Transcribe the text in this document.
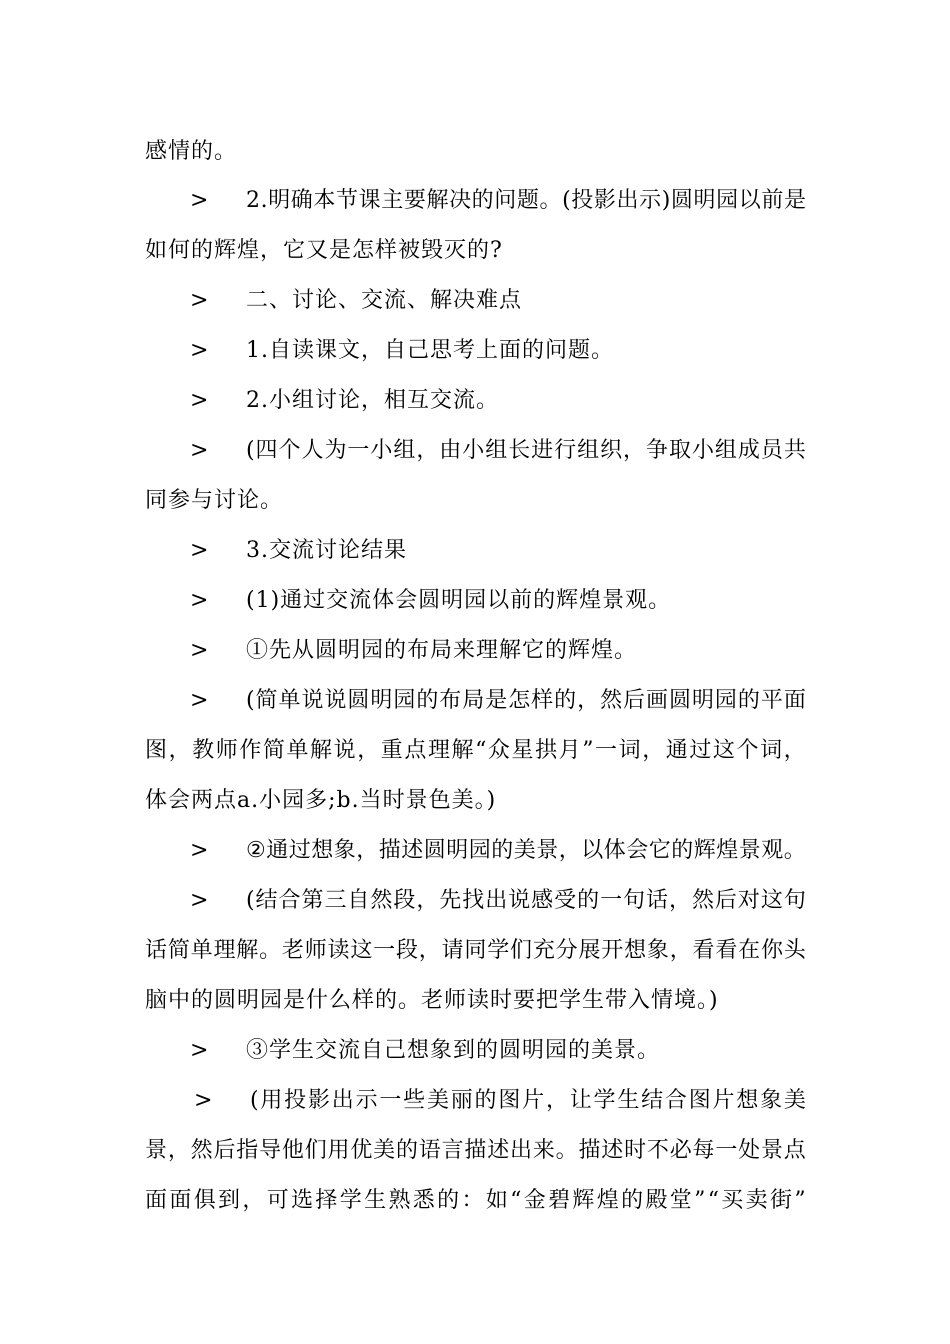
感情的。
> 2 . 明 确 本 节 课 主 要 解 决 的 问 题 。 ( 投 影 出 示 ) 圆 明 园 以 前 是
如何的辉煌，它又是怎样被毁灭的?
> 二、讨论、交流、解决难点
> 1.自读课文，自己思考上面的问题。
> 2.小组讨论，相互交流。
> ( 四 个 人 为 一 小 组 ， 由 小 组 长 进 行 组 织 ， 争 取 小 组 成 员 共
同参与讨论。
> 3.交流讨论结果
> (1)通过交流体会圆明园以前的辉煌景观。
> ①先从圆明园的布局来理解它的辉煌。
> ( 简 单 说 说 圆 明 园 的 布 局 是 怎 样 的 ， 然 后 画 圆 明 园 的 平 面
图 ， 教 师 作 简 单 解 说 ， 重 点 理 解 “ 众 星 拱 月 ” 一 词 ， 通 过 这 个 词 ，
体会两点a.小园多;b.当时景色美。)
> ② 通 过 想 象 ， 描 述 圆 明 园 的 美 景 ， 以 体 会 它 的 辉 煌 景 观 。
> ( 结 合 第 三 自 然 段 ， 先 找 出 说 感 受 的 一 句 话 ， 然 后 对 这 句
话 简 单 理 解 。 老 师 读 这 一 段 ， 请 同 学 们 充 分 展 开 想 象 ， 看 看 在 你 头
脑中的圆明园是什么样的。老师读时要把学生带入情境。)
> ③学生交流自己想象到的圆明园的美景。
> ( 用 投 影 出 示 一 些 美 丽 的 图 片 ， 让 学 生 结 合 图 片 想 象 美
景 ， 然 后 指 导 他 们 用 优 美 的 语 言 描 述 出 来 。 描 述 时 不 必 每 一 处 景 点
面 面 俱 到 ， 可 选 择 学 生 熟 悉 的 ： 如 “ 金 碧 辉 煌 的 殿 堂 ” “ 买 卖 街 ”
